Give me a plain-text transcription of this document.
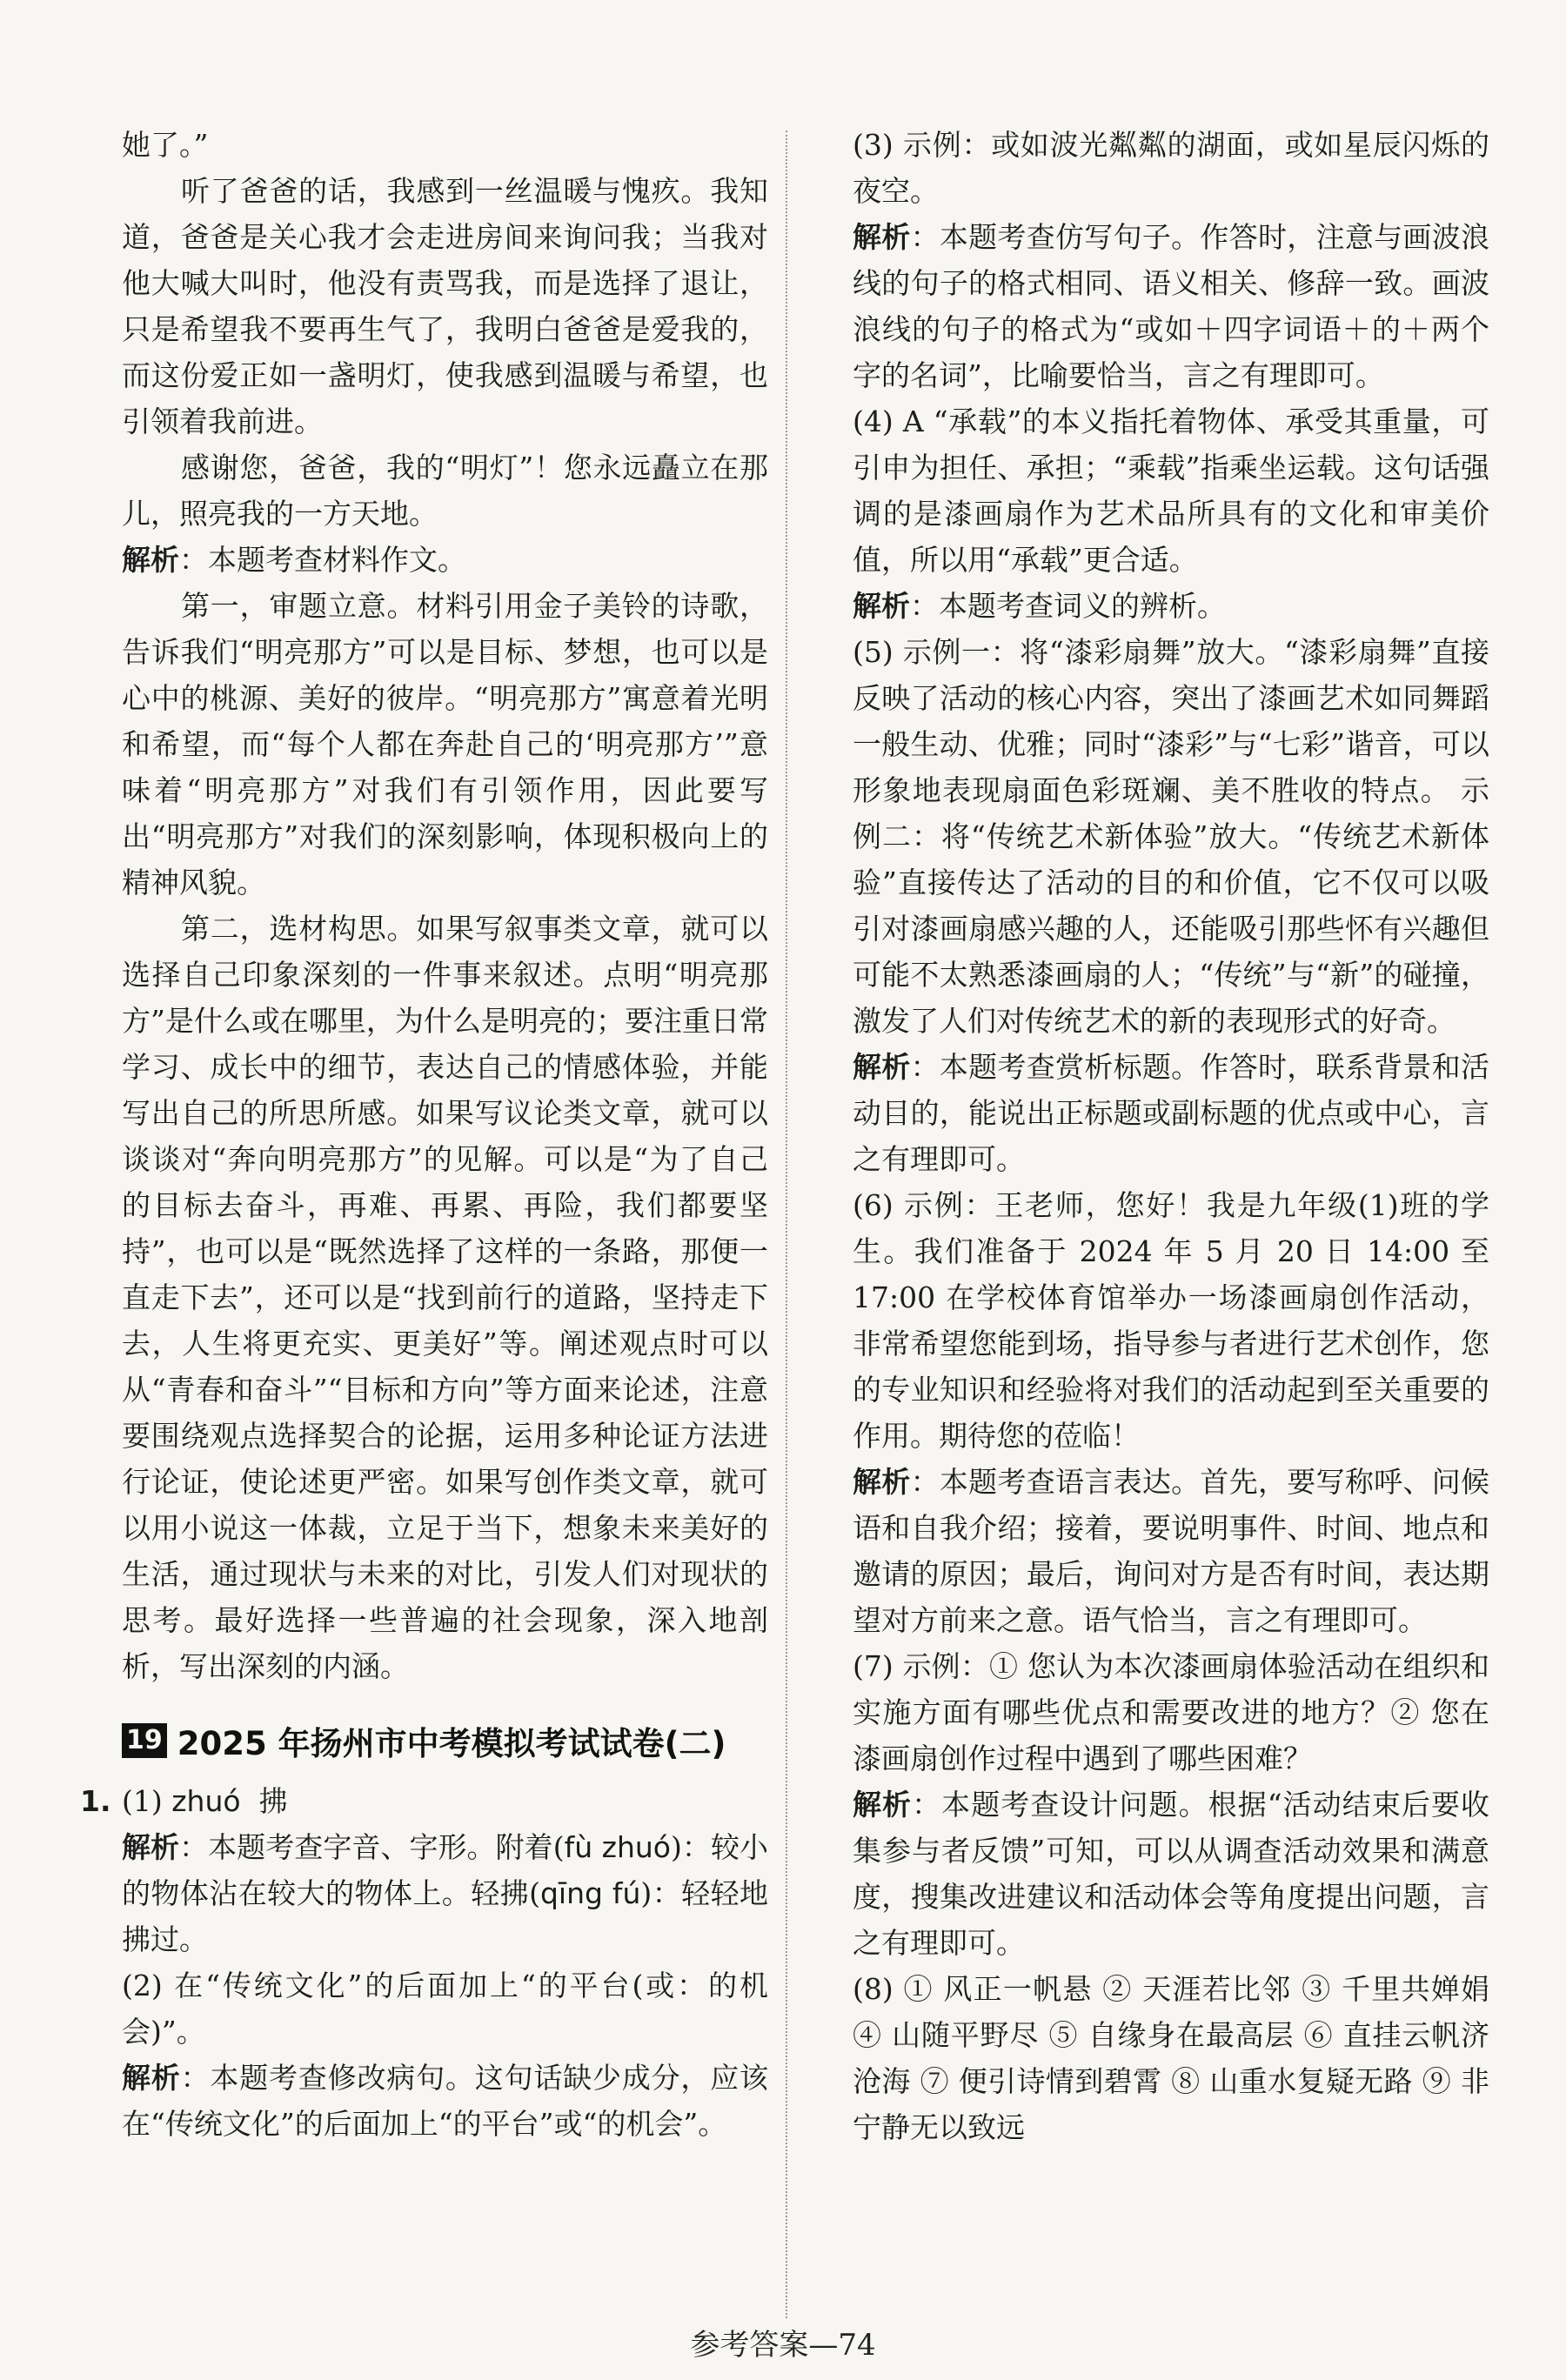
她了。”

听了爸爸的话，我感到一丝温暖与愧疚。我知道，爸爸是关心我才会走进房间来询问我；当我对他大喊大叫时，他没有责骂我，而是选择了退让，只是希望我不要再生气了，我明白爸爸是爱我的，而这份爱正如一盏明灯，使我感到温暖与希望，也引领着我前进。

感谢您，爸爸，我的“明灯”！您永远矗立在那儿，照亮我的一方天地。

解析：本题考查材料作文。

第一，审题立意。材料引用金子美铃的诗歌，告诉我们“明亮那方”可以是目标、梦想，也可以是心中的桃源、美好的彼岸。“明亮那方”寓意着光明和希望，而“每个人都在奔赴自己的‘明亮那方’”意味着“明亮那方”对我们有引领作用，因此要写出“明亮那方”对我们的深刻影响，体现积极向上的精神风貌。

第二，选材构思。如果写叙事类文章，就可以选择自己印象深刻的一件事来叙述。点明“明亮那方”是什么或在哪里，为什么是明亮的；要注重日常学习、成长中的细节，表达自己的情感体验，并能写出自己的所思所感。如果写议论类文章，就可以谈谈对“奔向明亮那方”的见解。可以是“为了自己的目标去奋斗，再难、再累、再险，我们都要坚持”，也可以是“既然选择了这样的一条路，那便一直走下去”，还可以是“找到前行的道路，坚持走下去，人生将更充实、更美好”等。阐述观点时可以从“青春和奋斗”“目标和方向”等方面来论述，注意要围绕观点选择契合的论据，运用多种论证方法进行论证，使论述更严密。如果写创作类文章，就可以用小说这一体裁，立足于当下，想象未来美好的生活，通过现状与未来的对比，引发人们对现状的思考。最好选择一些普遍的社会现象，深入地剖析，写出深刻的内涵。

19 2025 年扬州市中考模拟考试试卷(二)

1. (1) zhuó  拂

解析：本题考查字音、字形。附着(fù zhuó)：较小的物体沾在较大的物体上。轻拂(qīng fú)：轻轻地拂过。

(2) 在“传统文化”的后面加上“的平台(或：的机会)”。

解析：本题考查修改病句。这句话缺少成分，应该在“传统文化”的后面加上“的平台”或“的机会”。

(3) 示例：或如波光粼粼的湖面，或如星辰闪烁的夜空。

解析：本题考查仿写句子。作答时，注意与画波浪线的句子的格式相同、语义相关、修辞一致。画波浪线的句子的格式为“或如＋四字词语＋的＋两个字的名词”，比喻要恰当，言之有理即可。

(4) A “承载”的本义指托着物体、承受其重量，可引申为担任、承担；“乘载”指乘坐运载。这句话强调的是漆画扇作为艺术品所具有的文化和审美价值，所以用“承载”更合适。

解析：本题考查词义的辨析。

(5) 示例一：将“漆彩扇舞”放大。“漆彩扇舞”直接反映了活动的核心内容，突出了漆画艺术如同舞蹈一般生动、优雅；同时“漆彩”与“七彩”谐音，可以形象地表现扇面色彩斑斓、美不胜收的特点。 示例二：将“传统艺术新体验”放大。“传统艺术新体验”直接传达了活动的目的和价值，它不仅可以吸引对漆画扇感兴趣的人，还能吸引那些怀有兴趣但可能不太熟悉漆画扇的人；“传统”与“新”的碰撞，激发了人们对传统艺术的新的表现形式的好奇。

解析：本题考查赏析标题。作答时，联系背景和活动目的，能说出正标题或副标题的优点或中心，言之有理即可。

(6) 示例：王老师，您好！我是九年级(1)班的学生。我们准备于 2024 年 5 月 20 日 14:00 至 17:00 在学校体育馆举办一场漆画扇创作活动，非常希望您能到场，指导参与者进行艺术创作，您的专业知识和经验将对我们的活动起到至关重要的作用。期待您的莅临！

解析：本题考查语言表达。首先，要写称呼、问候语和自我介绍；接着，要说明事件、时间、地点和邀请的原因；最后，询问对方是否有时间，表达期望对方前来之意。语气恰当，言之有理即可。

(7) 示例：① 您认为本次漆画扇体验活动在组织和实施方面有哪些优点和需要改进的地方？② 您在漆画扇创作过程中遇到了哪些困难？

解析：本题考查设计问题。根据“活动结束后要收集参与者反馈”可知，可以从调查活动效果和满意度，搜集改进建议和活动体会等角度提出问题，言之有理即可。

(8) ① 风正一帆悬 ② 天涯若比邻 ③ 千里共婵娟 ④ 山随平野尽 ⑤ 自缘身在最高层 ⑥ 直挂云帆济沧海 ⑦ 便引诗情到碧霄 ⑧ 山重水复疑无路 ⑨ 非宁静无以致远

参考答案—74
